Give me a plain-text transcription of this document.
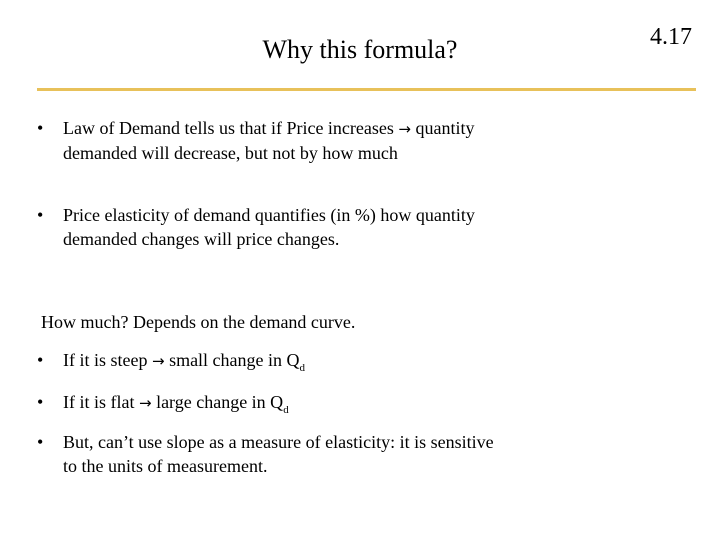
Why this formula?	4.17
•	Law of Demand tells us that if Price increases → quantity demanded will decrease, but not by how much
•	Price elasticity of demand quantifies (in %) how quantity demanded changes will price changes.
How much? Depends on the demand curve.
•	If it is steep → small change in $Q_d$
•	If it is flat → large change in $Q_d$
•	But, can’t use slope as a measure of elasticity: it is sensitive to the units of measurement.
